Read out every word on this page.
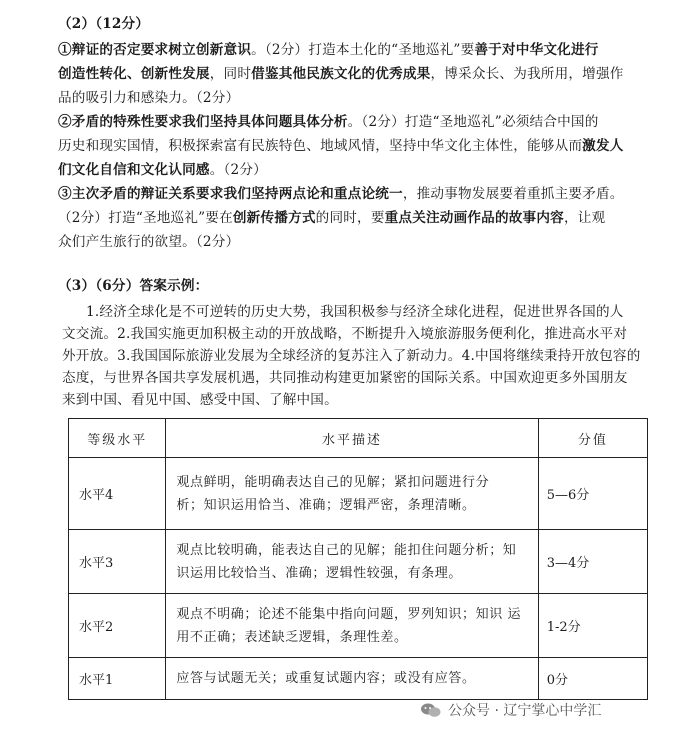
（2）（12分）
①辩证的否定要求树立创新意识。（2分）打造本土化的“圣地巡礼”要善于对中华文化进行
创造性转化、创新性发展，同时借鉴其他民族文化的优秀成果，博采众长、为我所用，增强作
品的吸引力和感染力。（2分）
②矛盾的特殊性要求我们坚持具体问题具体分析。（2分）打造“圣地巡礼”必须结合中国的
历史和现实国情，积极探索富有民族特色、地域风情，坚持中华文化主体性，能够从而激发人
们文化自信和文化认同感。（2分）
③主次矛盾的辩证关系要求我们坚持两点论和重点论统一，推动事物发展要着重抓主要矛盾。
（2分）打造“圣地巡礼”要在创新传播方式的同时，要重点关注动画作品的故事内容，让观
众们产生旅行的欲望。（2分）
（3）（6分）答案示例：
1.经济全球化是不可逆转的历史大势，我国积极参与经济全球化进程，促进世界各国的人
文交流。2.我国实施更加积极主动的开放战略，不断提升入境旅游服务便利化，推进高水平对
外开放。3.我国国际旅游业发展为全球经济的复苏注入了新动力。4.中国将继续秉持开放包容的
态度，与世界各国共享发展机遇，共同推动构建更加紧密的国际关系。中国欢迎更多外国朋友
等级水平	水平描述	分值
水平4	观点鲜明，能明确表达自己的见解；紧扣问题进行分
析；知识运用恰当、准确；逻辑严密，条理清晰。	5—6分
水平3	观点比较明确，能表达自己的见解；能扣住问题分析；知
识运用比较恰当、准确；逻辑性较强，有条理。	3—4分
水平2	观点不明确；论述不能集中指向问题，罗列知识；知识 运
用不正确；表述缺乏逻辑，条理性差。	1-2分
水平1	应答与试题无关；或重复试题内容；或没有应答。	0分
公众号 · 辽宁掌心中学汇
来到中国、看见中国、感受中国、了解中国。
